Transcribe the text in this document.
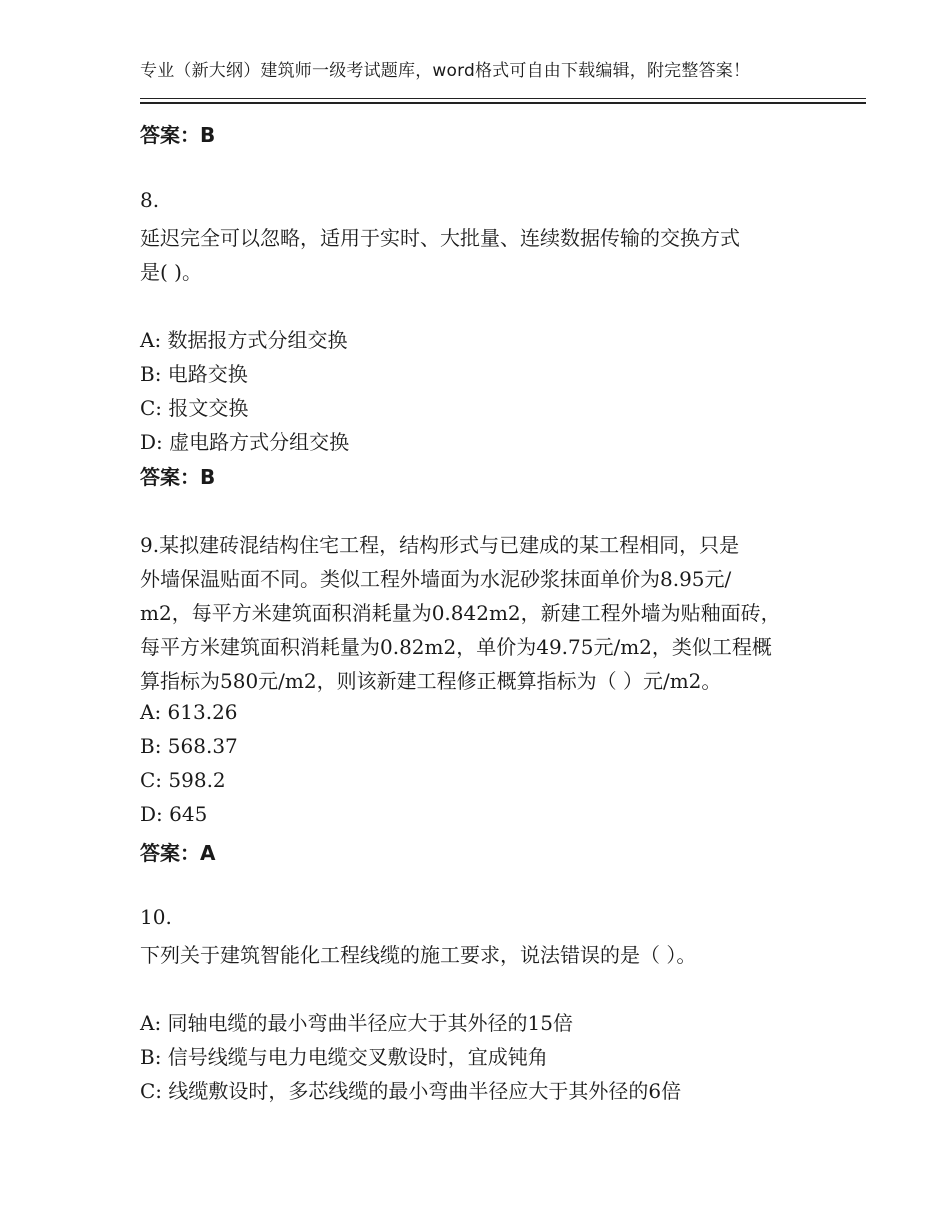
专业（新大纲）建筑师一级考试题库，word格式可自由下载编辑，附完整答案！
答案：B
8.
延迟完全可以忽略，适用于实时、大批量、连续数据传输的交换方式
是( )。
A: 数据报方式分组交换
B: 电路交换
C: 报文交换
D: 虚电路方式分组交换
答案：B
9.某拟建砖混结构住宅工程，结构形式与已建成的某工程相同，只是
外墙保温贴面不同。类似工程外墙面为水泥砂浆抹面单价为8.95元/
m2，每平方米建筑面积消耗量为0.842m2，新建工程外墙为贴釉面砖，
每平方米建筑面积消耗量为0.82m2，单价为49.75元/m2，类似工程概
算指标为580元/m2，则该新建工程修正概算指标为（ ）元/m2。
A: 613.26
B: 568.37
C: 598.2
D: 645
答案：A
10.
下列关于建筑智能化工程线缆的施工要求，说法错误的是（ ）。
A: 同轴电缆的最小弯曲半径应大于其外径的15倍
B: 信号线缆与电力电缆交叉敷设时，宜成钝角
C: 线缆敷设时，多芯线缆的最小弯曲半径应大于其外径的6倍
